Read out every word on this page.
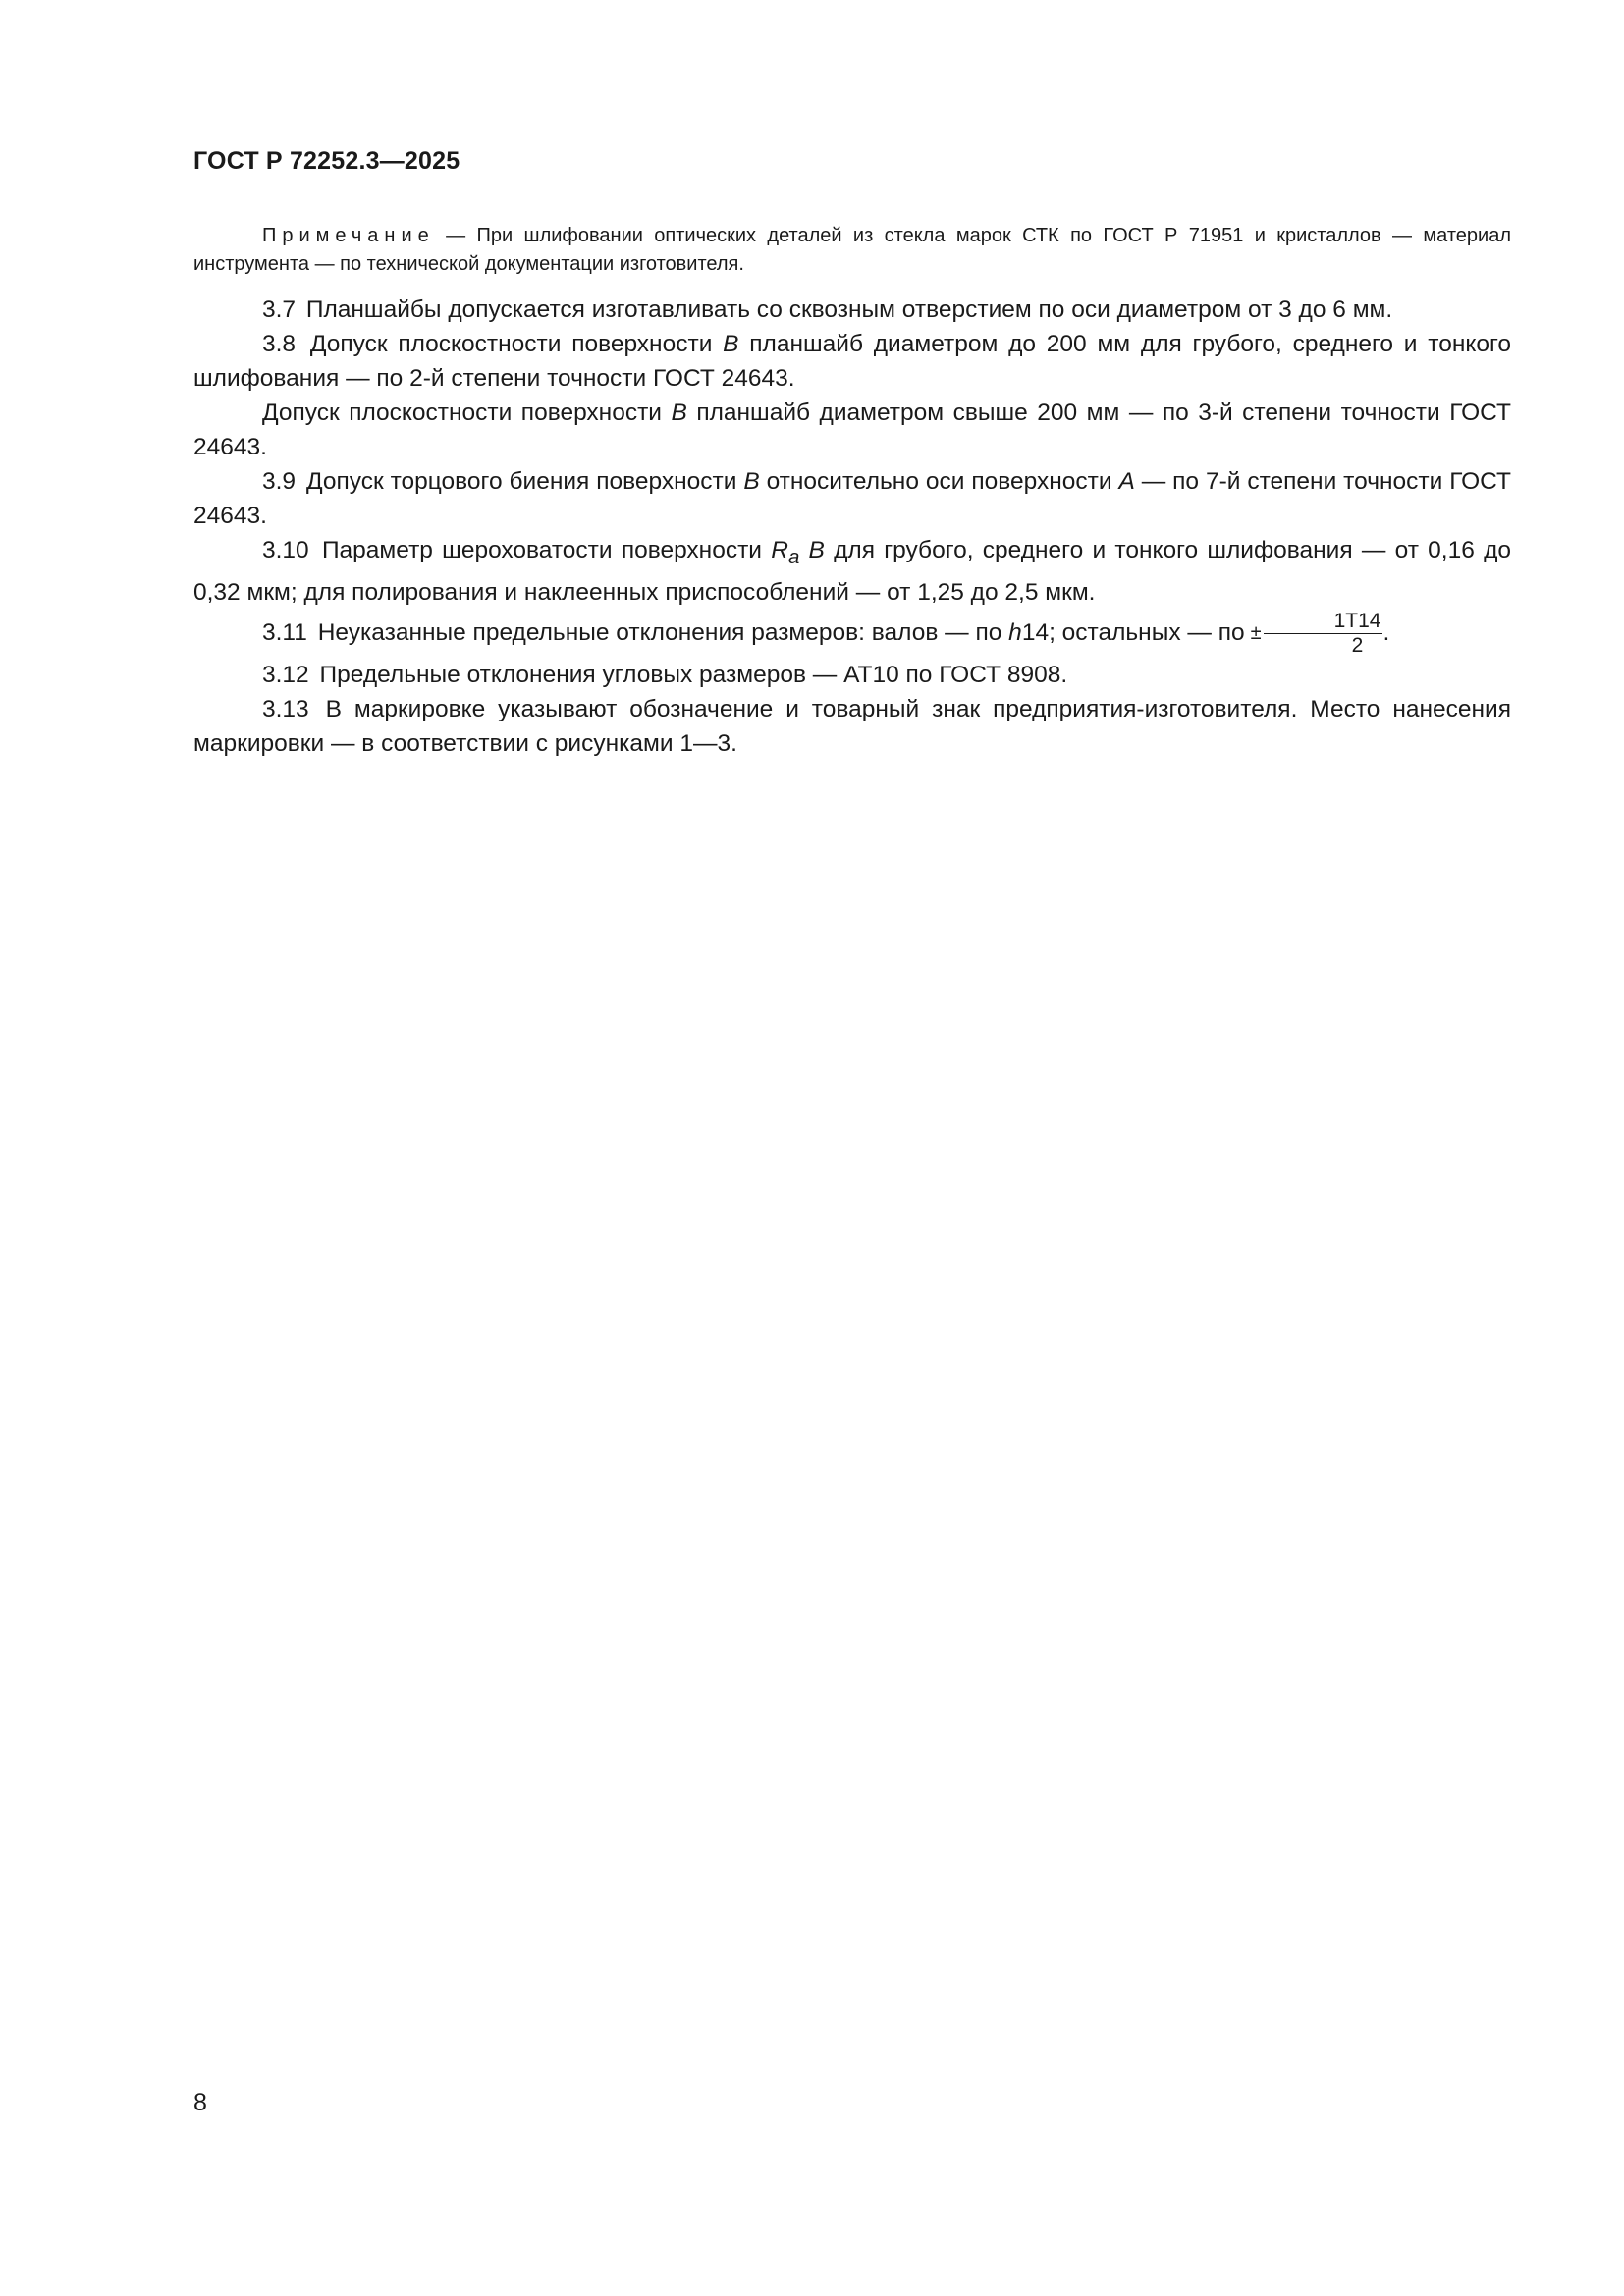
ГОСТ Р 72252.3—2025

Примечание — При шлифовании оптических деталей из стекла марок СТК по ГОСТ Р 71951 и кристаллов — материал инструмента — по технической документации изготовителя.

3.7 Планшайбы допускается изготавливать со сквозным отверстием по оси диаметром от 3 до 6 мм.

3.8 Допуск плоскостности поверхности B планшайб диаметром до 200 мм для грубого, среднего и тонкого шлифования — по 2-й степени точности ГОСТ 24643.

Допуск плоскостности поверхности B планшайб диаметром свыше 200 мм — по 3-й степени точности ГОСТ 24643.

3.9 Допуск торцового биения поверхности B относительно оси поверхности A — по 7-й степени точности ГОСТ 24643.

3.10 Параметр шероховатости поверхности $R_a$ B для грубого, среднего и тонкого шлифования — от 0,16 до 0,32 мкм; для полирования и наклеенных приспособлений — от 1,25 до 2,5 мкм.

3.11 Неуказанные предельные отклонения размеров: валов — по h14; остальных — по ± $\frac{1T14}{2}$ .

3.12 Предельные отклонения угловых размеров — АТ10 по ГОСТ 8908.

3.13 В маркировке указывают обозначение и товарный знак предприятия-изготовителя. Место нанесения маркировки — в соответствии с рисунками 1—3.

8
